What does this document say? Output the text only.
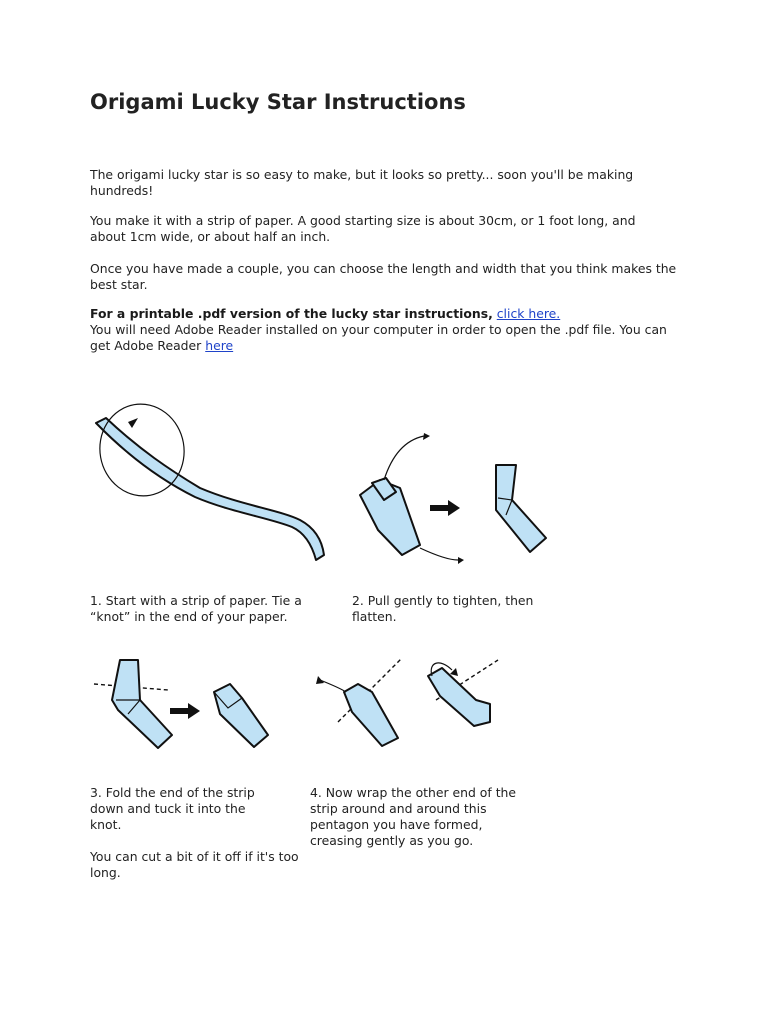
Origami Lucky Star Instructions

The origami lucky star is so easy to make, but it looks so pretty... soon you'll be making hundreds!

You make it with a strip of paper. A good starting size is about 30cm, or 1 foot long, and about 1cm wide, or about half an inch.

Once you have made a couple, you can choose the length and width that you think makes the best star.

For a printable .pdf version of the lucky star instructions, click here.

You will need Adobe Reader installed on your computer in order to open the .pdf file. You can get Adobe Reader here

1. Start with a strip of paper. Tie a “knot” in the end of your paper.

2. Pull gently to tighten, then flatten.

3. Fold the end of the strip down and tuck it into the knot.

You can cut a bit of it off if it's too long.

4. Now wrap the other end of the strip around and around this pentagon you have formed, creasing gently as you go.
